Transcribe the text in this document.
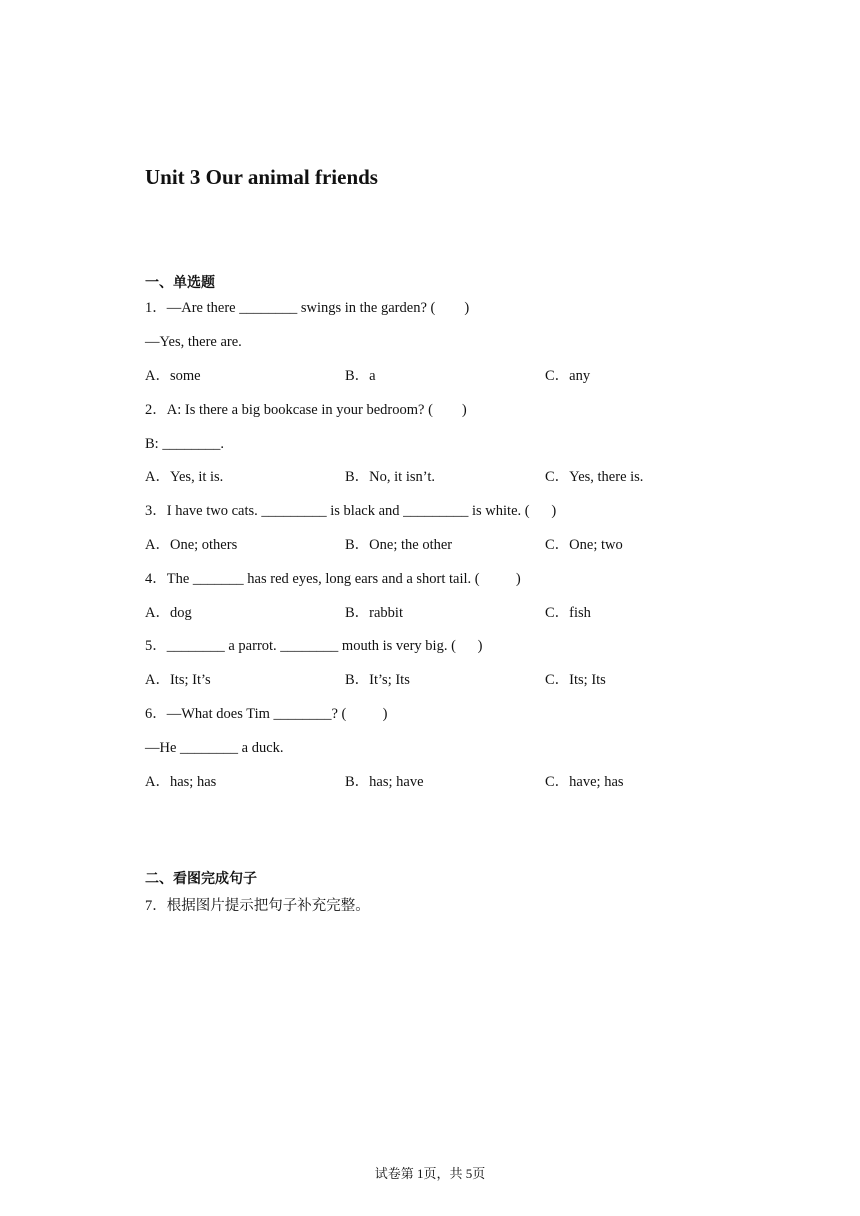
Unit 3 Our animal friends
一、单选题
1．—Are there ________ swings in the garden? (        )
—Yes, there are.
A．some	B．a	C．any
2．A: Is there a big bookcase in your bedroom? (        )
B: ________.
A．Yes, it is.	B．No, it isn’t.	C．Yes, there is.
3．I have two cats. _________ is black and _________ is white. (      )
A．One; others	B．One; the other	C．One; two
4．The _______ has red eyes, long ears and a short tail. (          )
A．dog	B．rabbit	C．fish
5．________ a parrot. ________ mouth is very big. (      )
A．Its; It’s	B．It’s; Its	C．Its; Its
6．—What does Tim ________? (          )
—He ________ a duck.
A．has; has	B．has; have	C．have; has
二、看图完成句子
7．根据图片提示把句子补充完整。
试卷第 1页，共 5页
